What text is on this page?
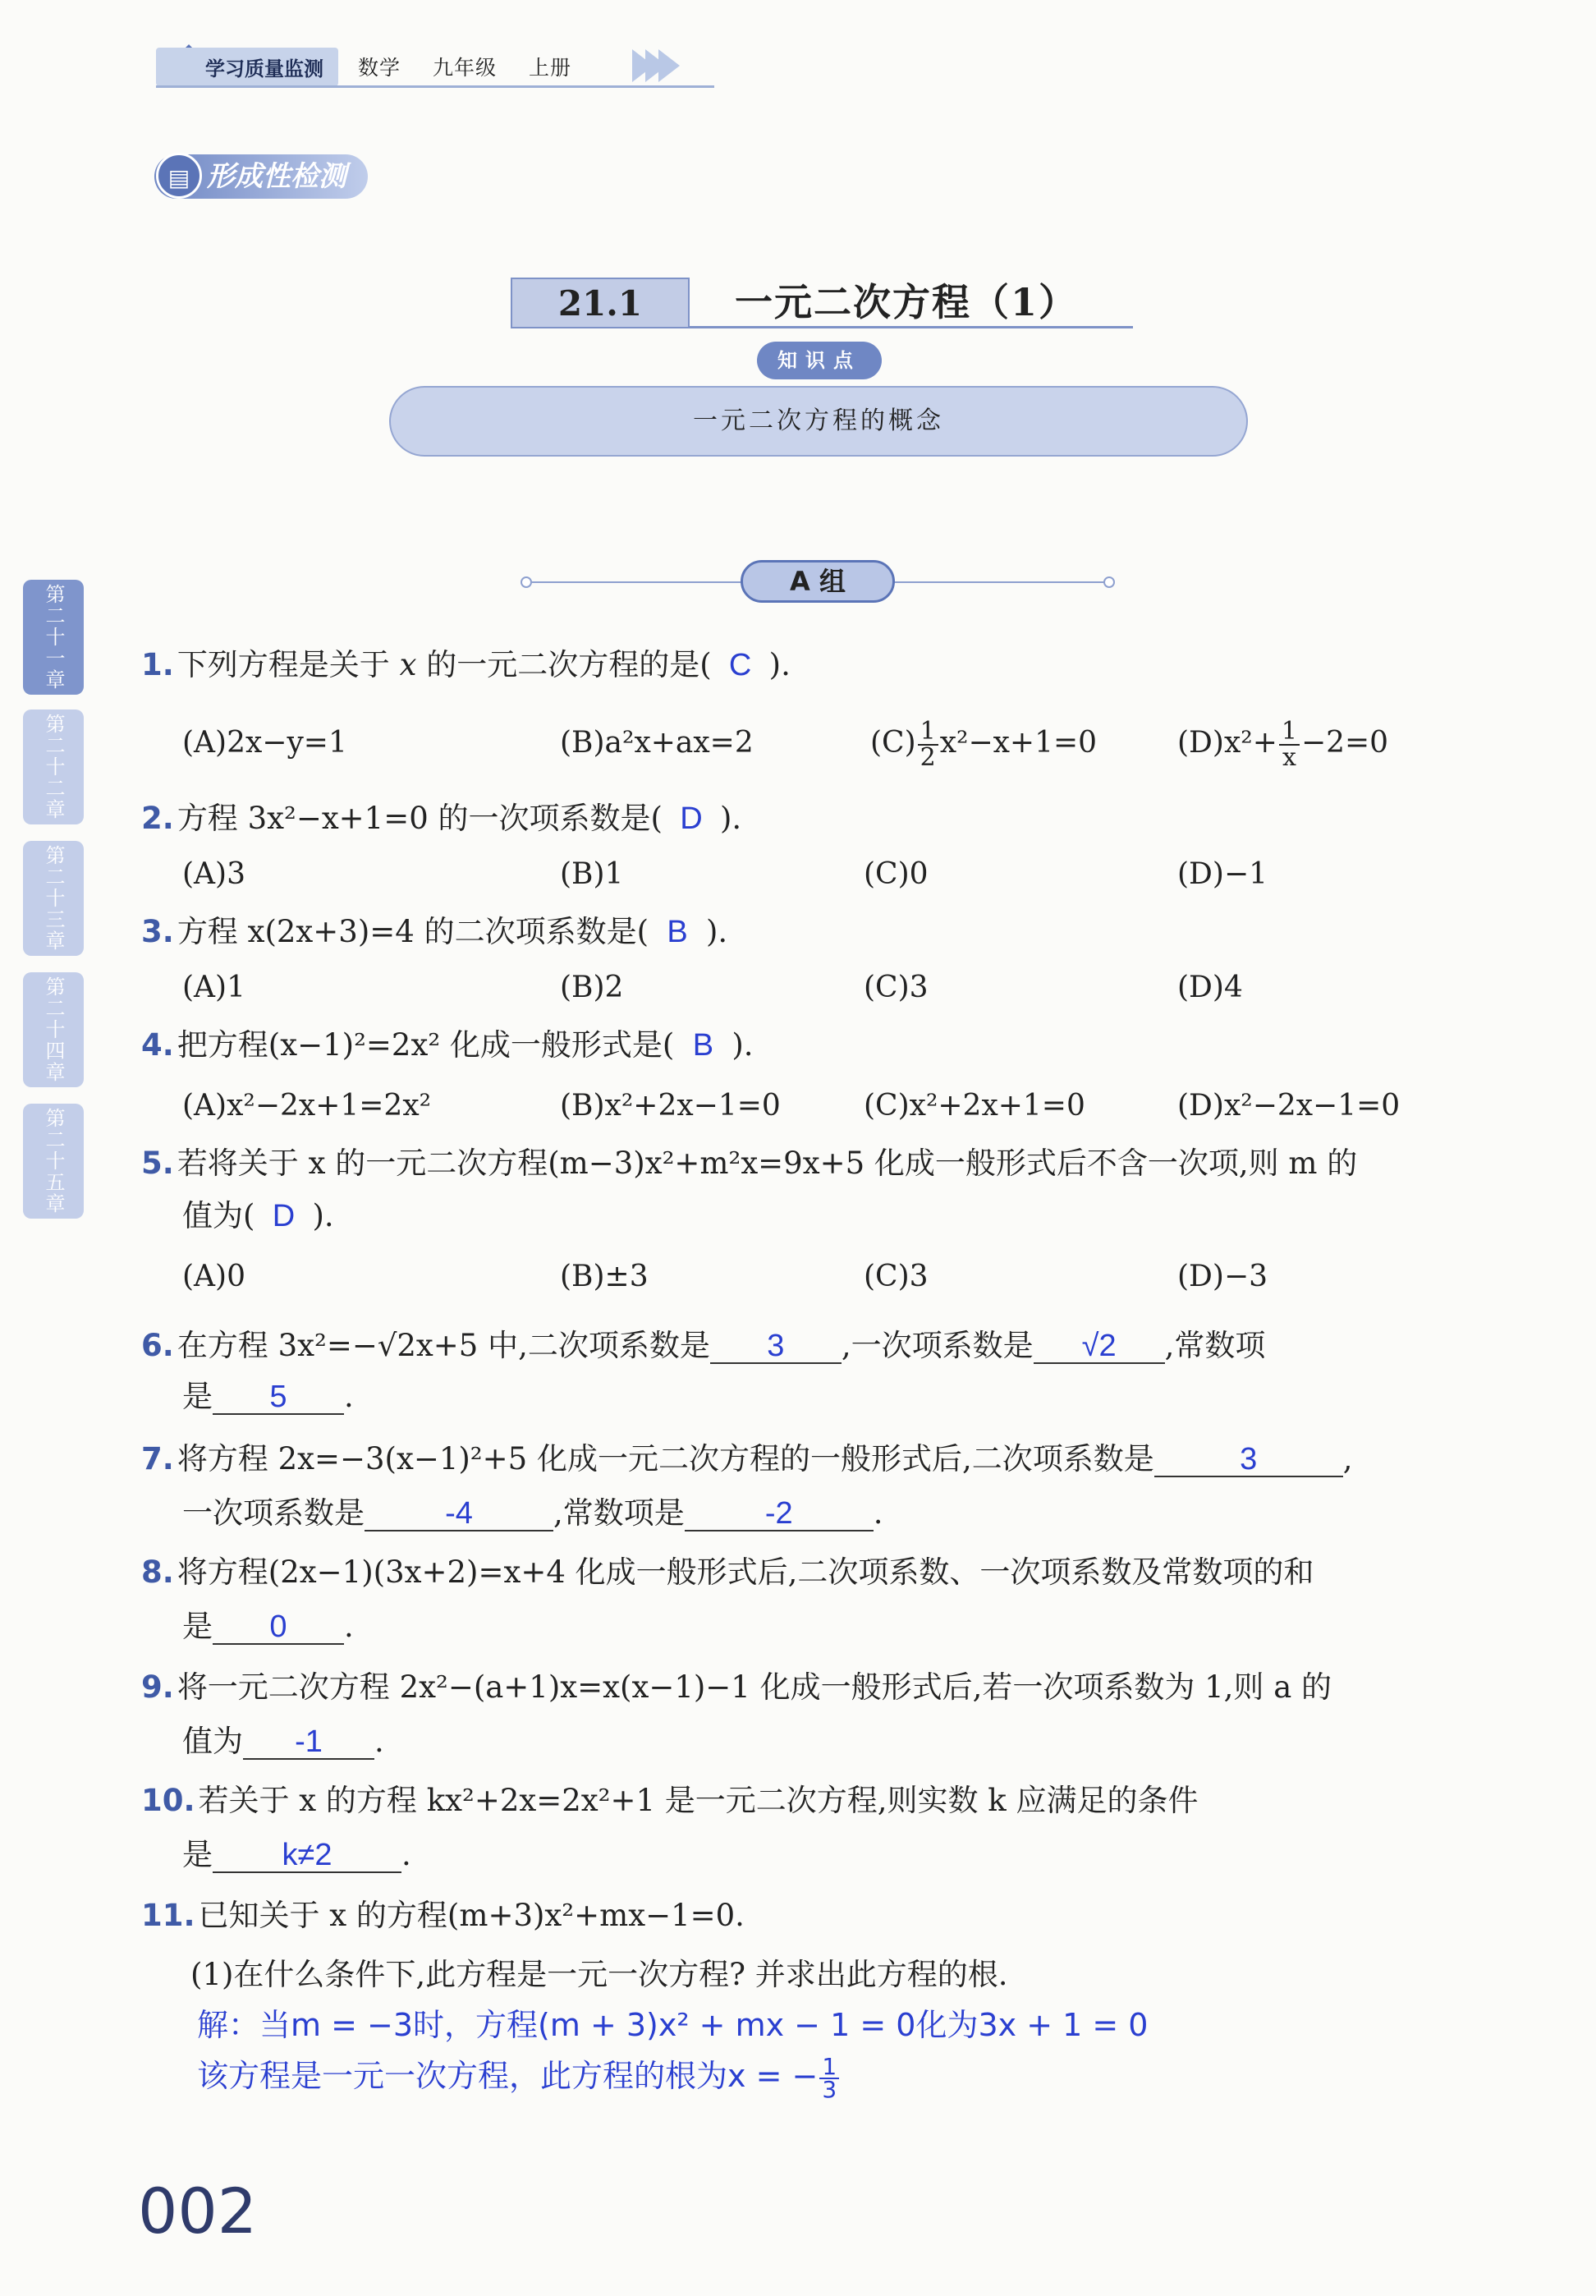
学习质量监测	数学 九年级 上册
形成性检测
▤
21.1	一元二次方程（1）
知识点
一元二次方程的概念
A 组
第二十一章
第二十二章
第二十三章
第二十四章
第二十五章
1. 下列方程是关于 x 的一元二次方程的是( C ).
(A)2x−y=1	(B)a²x+ax=2	$(C) \frac{1}{2} x^2-x+1=0$	$(D)x^2+ \frac{1}{x} -2=0$
2. 方程 3x²−x+1=0 的一次项系数是( D ).
(A)3	(B)1	(C)0	(D)−1
3. 方程 x(2x+3)=4 的二次项系数是( B ).
(A)1	(B)2	(C)3	(D)4
4. 把方程(x−1)²=2x² 化成一般形式是( B ).
(A)x²−2x+1=2x²	(B)x²+2x−1=0	(C)x²+2x+1=0	(D)x²−2x−1=0
5. 若将关于 x 的一元二次方程(m−3)x²+m²x=9x+5 化成一般形式后不含一次项,则 m 的
值为( D ).
(A)0	(B)±3	(C)3	(D)−3
6. 在方程 3x²=−√2x+5 中,二次项系数是 3 ,一次项系数是 √2 ,常数项
是 5 .
7. 将方程 2x=−3(x−1)²+5 化成一元二次方程的一般形式后,二次项系数是	3	,
一次项系数是	-4	,常数项是	-2	.
8. 将方程(2x−1)(3x+2)=x+4 化成一般形式后,二次项系数、一次项系数及常数项的和
是 0 .
9. 将一元二次方程 2x²−(a+1)x=x(x−1)−1 化成一般形式后,若一次项系数为 1,则 a 的
值为 -1 .
10. 若关于 x 的方程 kx²+2x=2x²+1 是一元二次方程,则实数 k 应满足的条件
是 k≠2 .
11. 已知关于 x 的方程(m+3)x²+mx−1=0.
(1)在什么条件下,此方程是一元一次方程? 并求出此方程的根.
解：当m = −3时，方程(m + 3)x² + mx − 1 = 0化为3x + 1 = 0
该方程是一元一次方程，此方程的根为x = − $\frac{1}{3}$
002
